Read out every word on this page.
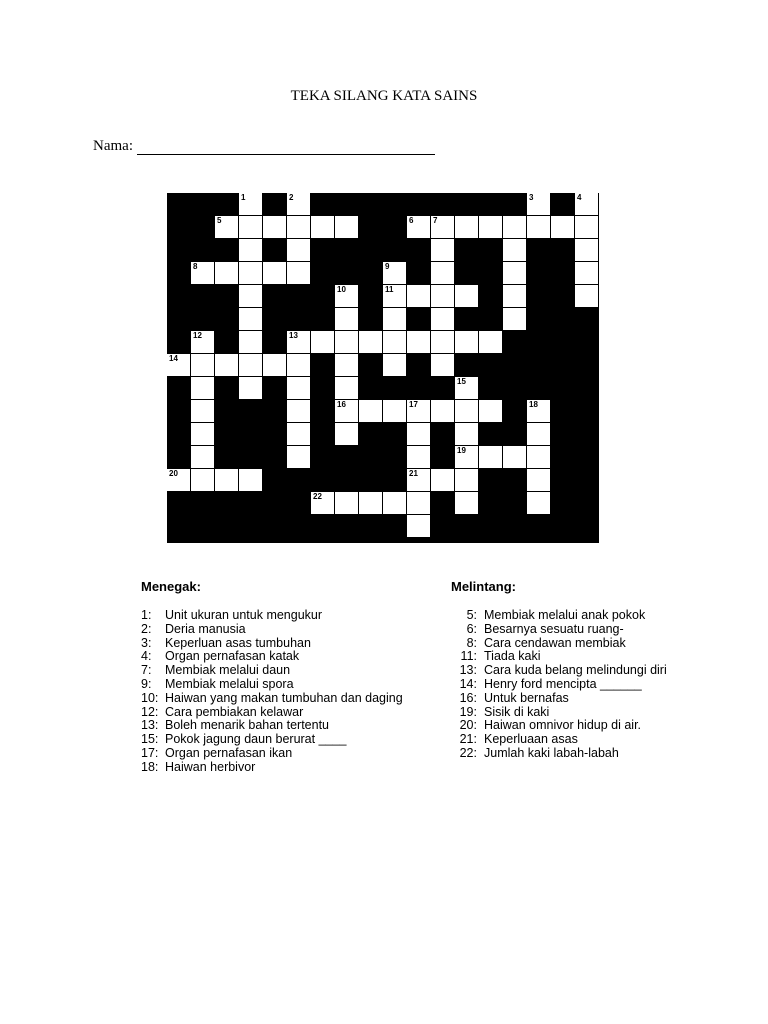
TEKA SILANG KATA SAINS
Nama:
1	2	3	4
5	6 7
8	9
10	11
12	13
14
15
16	17	18
19
20	21
22
Menegak:
1:	Unit ukuran untuk mengukur
2:	Deria manusia
3:	Keperluan asas tumbuhan
4:	Organ pernafasan katak
7:	Membiak melalui daun
9:	Membiak melalui spora
10: Haiwan yang makan tumbuhan dan daging
12: Cara pembiakan kelawar
13: Boleh menarik bahan tertentu
15: Pokok jagung daun berurat ____
17: Organ pernafasan ikan
18: Haiwan herbivor
Melintang:
5: Membiak melalui anak pokok
6: Besarnya sesuatu ruang-
8: Cara cendawan membiak
11: Tiada kaki
13: Cara kuda belang melindungi diri
14: Henry ford mencipta ______
16: Untuk bernafas
19: Sisik di kaki
20: Haiwan omnivor hidup di air.
21: Keperluaan asas
22: Jumlah kaki labah-labah
